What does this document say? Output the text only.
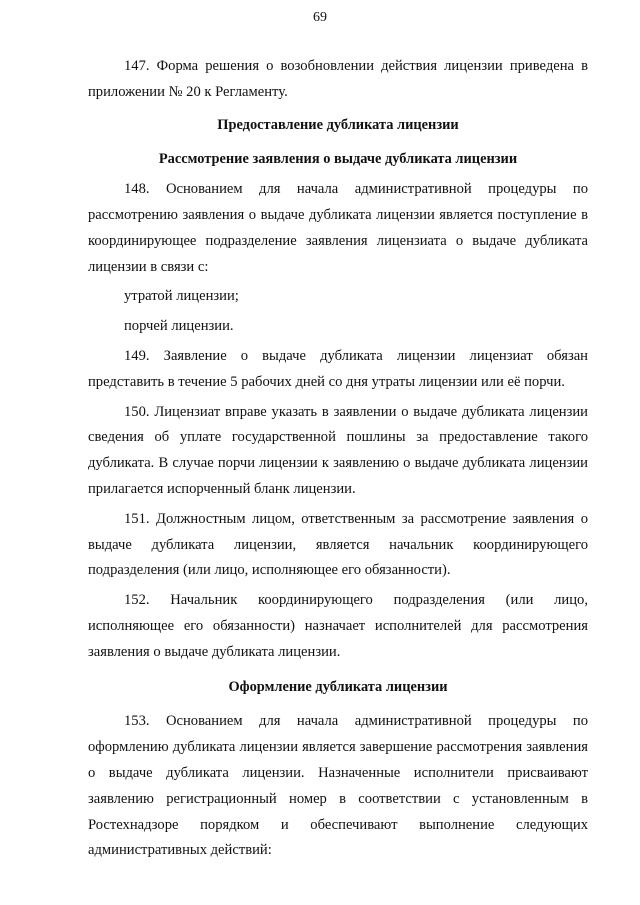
69

147. Форма решения о возобновлении действия лицензии приведена в приложении № 20 к Регламенту.

Предоставление дубликата лицензии

Рассмотрение заявления о выдаче дубликата лицензии

148. Основанием для начала административной процедуры по рассмотрению заявления о выдаче дубликата лицензии является поступление в координирующее подразделение заявления лицензиата о выдаче дубликата лицензии в связи с:

утратой лицензии;

порчей лицензии.

149. Заявление о выдаче дубликата лицензии лицензиат обязан представить в течение 5 рабочих дней со дня утраты лицензии или её порчи.

150. Лицензиат вправе указать в заявлении о выдаче дубликата лицензии сведения об уплате государственной пошлины за предоставление такого дубликата. В случае порчи лицензии к заявлению о выдаче дубликата лицензии прилагается испорченный бланк лицензии.

151. Должностным лицом, ответственным за рассмотрение заявления о выдаче дубликата лицензии, является начальник координирующего подразделения (или лицо, исполняющее его обязанности).

152. Начальник координирующего подразделения (или лицо, исполняющее его обязанности) назначает исполнителей для рассмотрения заявления о выдаче дубликата лицензии.

Оформление дубликата лицензии

153. Основанием для начала административной процедуры по оформлению дубликата лицензии является завершение рассмотрения заявления о выдаче дубликата лицензии. Назначенные исполнители присваивают заявлению регистрационный номер в соответствии с установленным в Ростехнадзоре порядком и обеспечивают выполнение следующих административных действий:
